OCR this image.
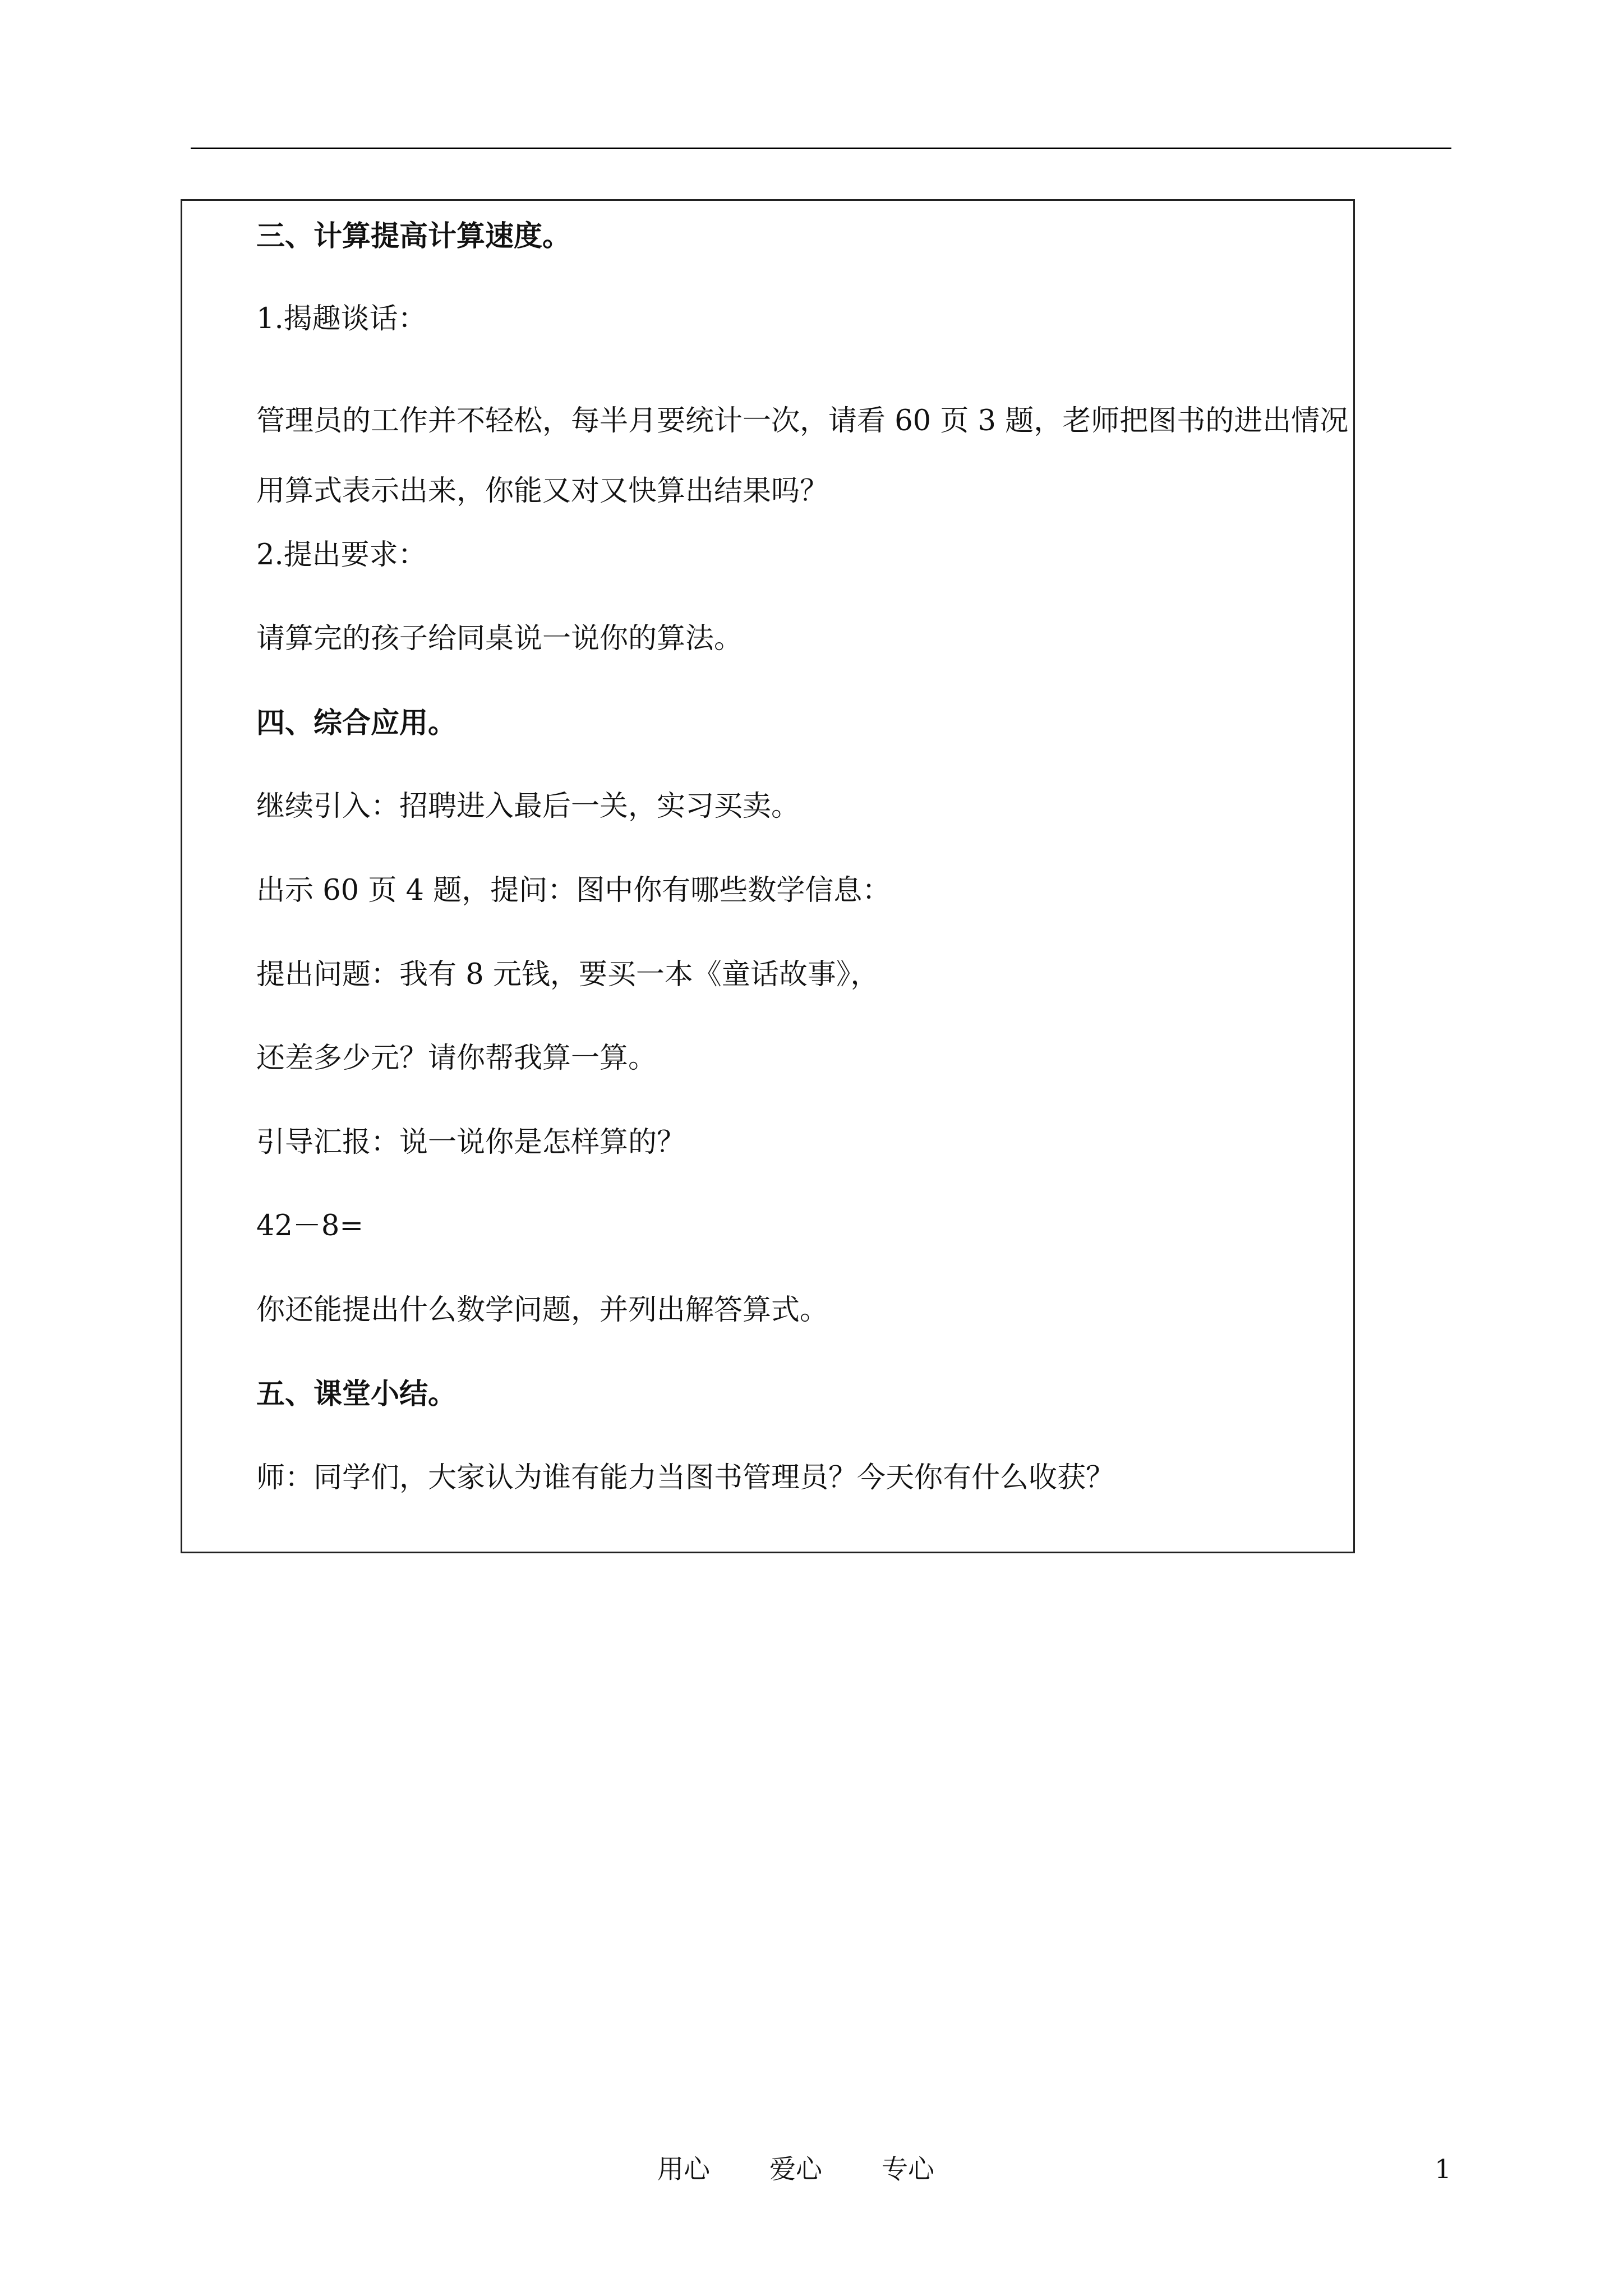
三、计算提高计算速度。

1.揭趣谈话：

管理员的工作并不轻松，每半月要统计一次，请看 60 页 3 题，老师把图书的进出情况
用算式表示出来，你能又对又快算出结果吗？

2.提出要求：

请算完的孩子给同桌说一说你的算法。

四、综合应用。

继续引入：招聘进入最后一关，实习买卖。

出示 60 页 4 题，提问：图中你有哪些数学信息：

提出问题：我有 8 元钱，要买一本《童话故事》，

还差多少元？请你帮我算一算。

引导汇报：说一说你是怎样算的？

42－8=

你还能提出什么数学问题，并列出解答算式。

五、课堂小结。

师：同学们，大家认为谁有能力当图书管理员？今天你有什么收获？

用心 爱心 专心	1
